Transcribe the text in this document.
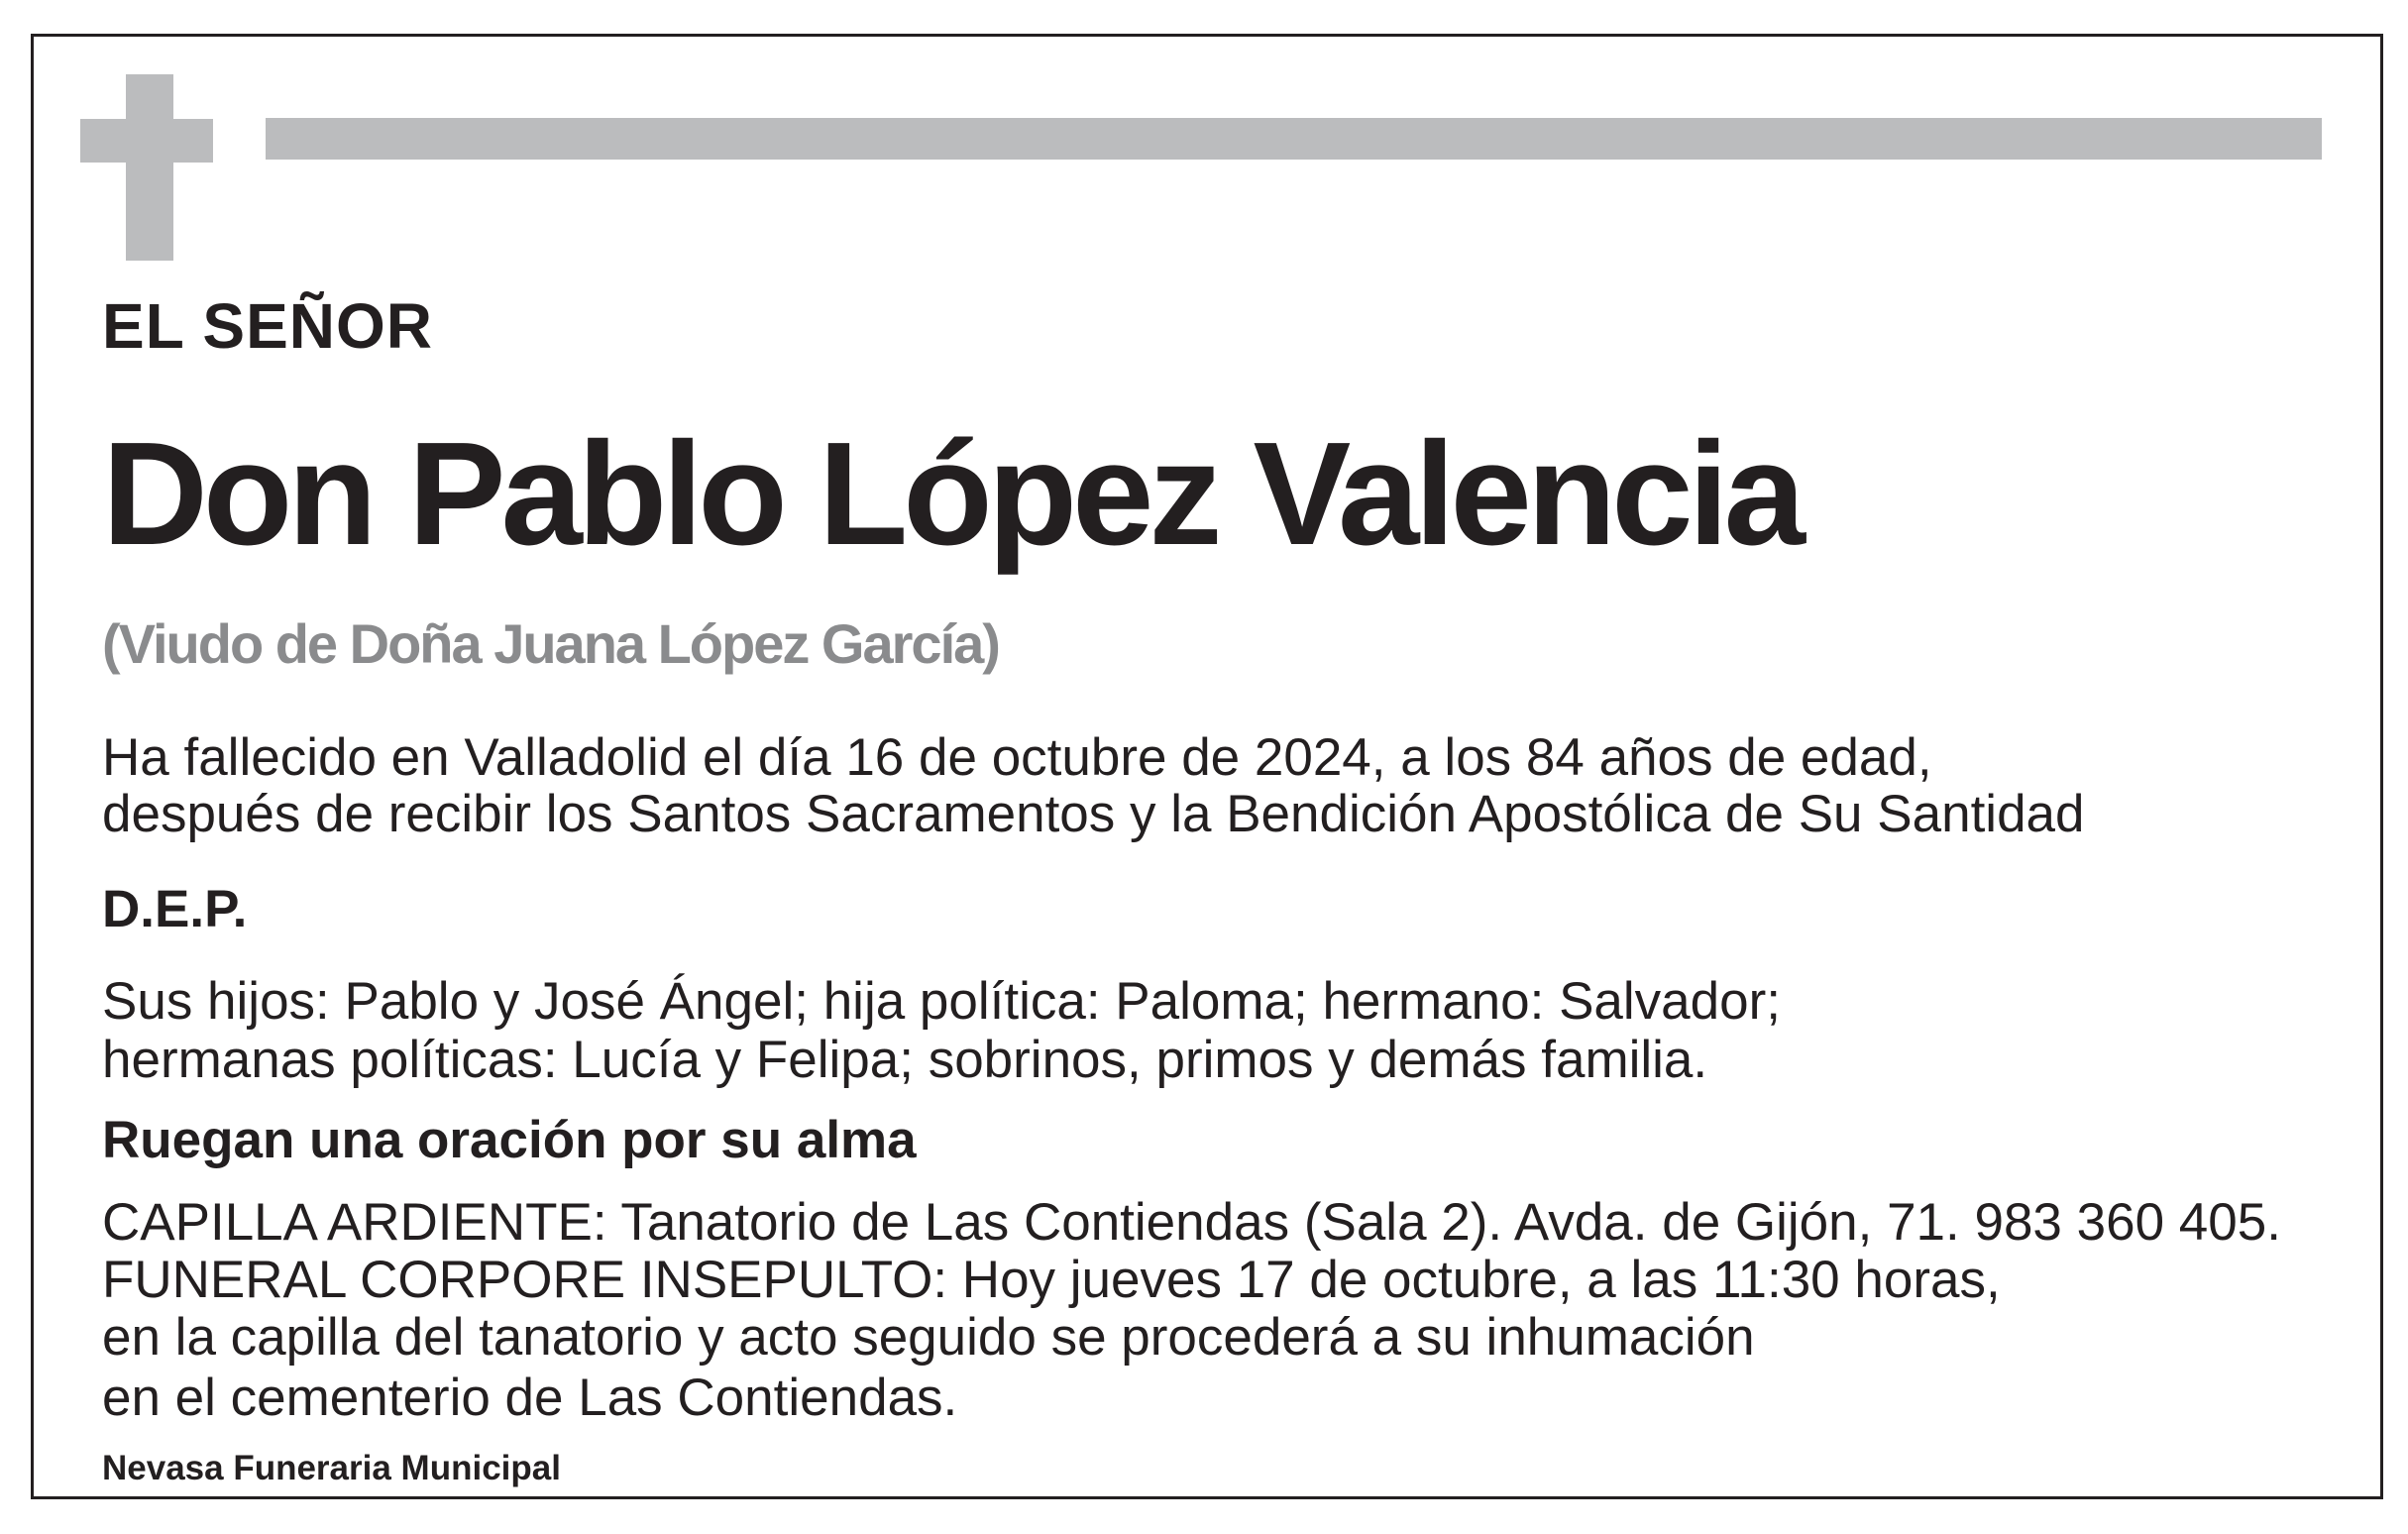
EL SEÑOR

Don Pablo López Valencia

(Viudo de Doña Juana López García)

Ha fallecido en Valladolid el día 16 de octubre de 2024, a los 84 años de edad,

después de recibir los Santos Sacramentos y la Bendición Apostólica de Su Santidad

D.E.P.

Sus hijos: Pablo y José Ángel; hija política: Paloma; hermano: Salvador;

hermanas políticas: Lucía y Felipa; sobrinos, primos y demás familia.

Ruegan una oración por su alma

CAPILLA ARDIENTE: Tanatorio de Las Contiendas (Sala 2). Avda. de Gijón, 71. 983 360 405.

FUNERAL CORPORE INSEPULTO: Hoy jueves 17 de octubre, a las 11:30 horas,

en la capilla del tanatorio y acto seguido se procederá a su inhumación

en el cementerio de Las Contiendas.

Nevasa Funeraria Municipal
